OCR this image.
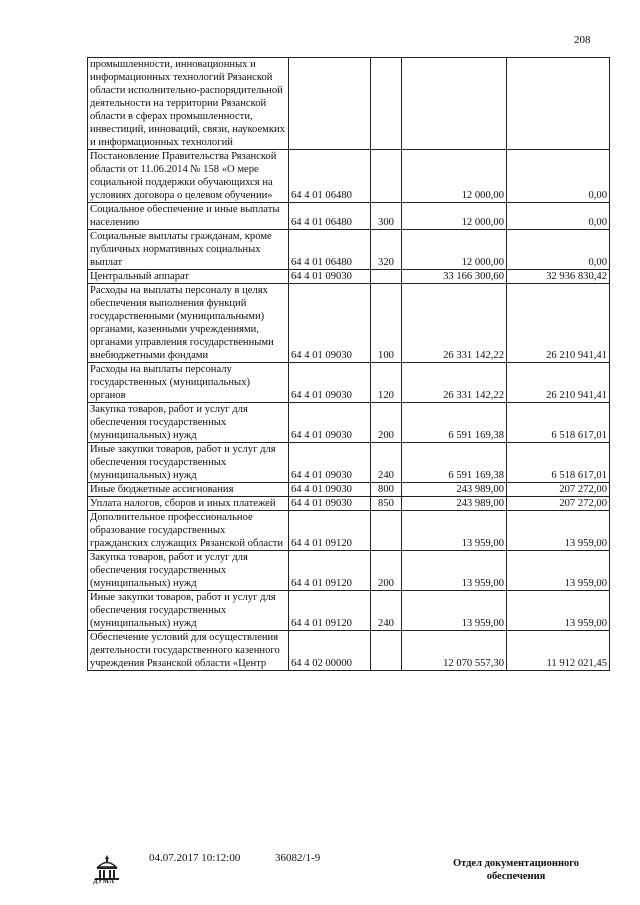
208
промышленности, инновационных и информационных технологий Рязанской области исполнительно-распорядительной деятельности на территории Рязанской области в сферах промышленности, инвестиций, инноваций, связи, наукоемких и информационных технологий				
Постановление Правительства Рязанской области от 11.06.2014 № 158 «О мере социальной поддержки обучающихся на условиях договора о целевом обучении»	64 4 01 06480		12 000,00	0,00
Социальное обеспечение и иные выплаты населению	64 4 01 06480	300	12 000,00	0,00
Социальные выплаты гражданам, кроме публичных нормативных социальных выплат	64 4 01 06480	320	12 000,00	0,00
Центральный аппарат	64 4 01 09030		33 166 300,60	32 936 830,42
Расходы на выплаты персоналу в целях обеспечения выполнения функций государственными (муниципальными) органами, казенными учреждениями, органами управления государственными внебюджетными фондами	64 4 01 09030	100	26 331 142,22	26 210 941,41
Расходы на выплаты персоналу государственных (муниципальных) органов	64 4 01 09030	120	26 331 142,22	26 210 941,41
Закупка товаров, работ и услуг для обеспечения государственных (муниципальных) нужд	64 4 01 09030	200	6 591 169,38	6 518 617,01
Иные закупки товаров, работ и услуг для обеспечения государственных (муниципальных) нужд	64 4 01 09030	240	6 591 169,38	6 518 617,01
Иные бюджетные ассигнования	64 4 01 09030	800	243 989,00	207 272,00
Уплата налогов, сборов и иных платежей	64 4 01 09030	850	243 989,00	207 272,00
Дополнительное профессиональное образование государственных гражданских служащих Рязанской области	64 4 01 09120		13 959,00	13 959,00
Закупка товаров, работ и услуг для обеспечения государственных (муниципальных) нужд	64 4 01 09120	200	13 959,00	13 959,00
Иные закупки товаров, работ и услуг для обеспечения государственных (муниципальных) нужд	64 4 01 09120	240	13 959,00	13 959,00
Обеспечение условий для осуществления деятельности государственного казенного учреждения Рязанской области «Центр	64 4 02 00000		12 070 557,30	11 912 021,45
ДУМА
04.07.2017 10:12:00	36082/1-9	Отдел документационного обеспечения
